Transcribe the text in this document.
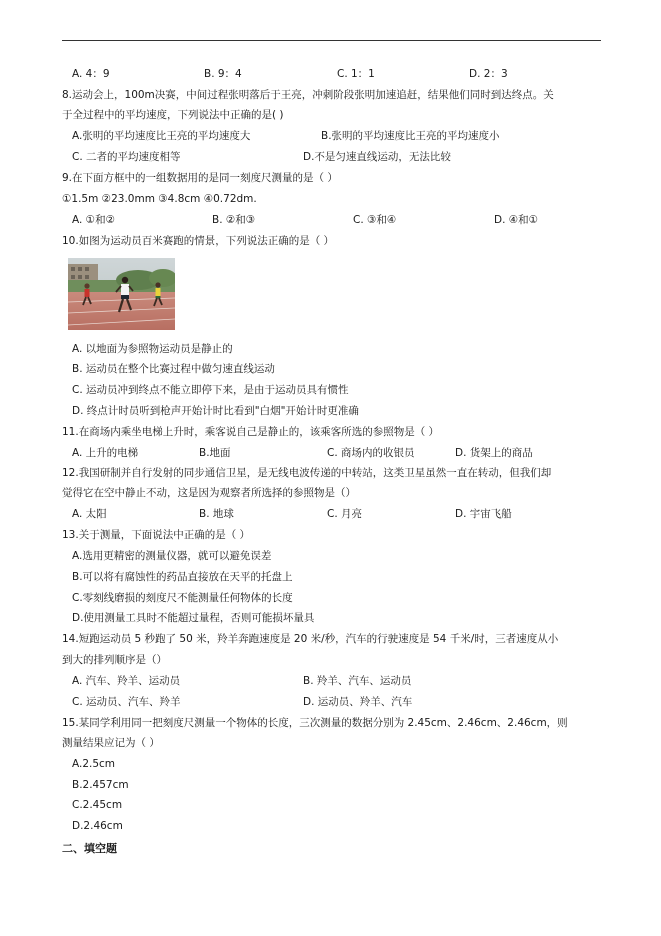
A. 4：9	B. 9：4	C. 1：1	D. 2：3
8.运动会上，100m决赛，中间过程张明落后于王亮，冲刺阶段张明加速追赶，结果他们同时到达终点。关
于全过程中的平均速度，下列说法中正确的是( )
A.张明的平均速度比王亮的平均速度大	B.张明的平均速度比王亮的平均速度小
C. 二者的平均速度相等	D.不是匀速直线运动，无法比较
9.在下面方框中的一组数据用的是同一刻度尺测量的是（ ）
①1.5m ②23.0mm ③4.8cm ④0.72dm.
A. ①和②	B. ②和③	C. ③和④	D. ④和①
10.如图为运动员百米赛跑的情景，下列说法正确的是（ ）
A. 以地面为参照物运动员是静止的
B. 运动员在整个比赛过程中做匀速直线运动
C. 运动员冲到终点不能立即停下来，是由于运动员具有惯性
D. 终点计时员听到枪声开始计时比看到"白烟"开始计时更准确
11.在商场内乘坐电梯上升时，乘客说自己是静止的，该乘客所选的参照物是（ ）
A. 上升的电梯	B.地面	C. 商场内的收银员	D. 货架上的商品
12.我国研制并自行发射的同步通信卫星，是无线电波传递的中转站，这类卫星虽然一直在转动，但我们却
觉得它在空中静止不动，这是因为观察者所选择的参照物是（）
A. 太阳	B. 地球	C. 月亮	D. 宇宙飞船
13.关于测量，下面说法中正确的是（ ）
A.选用更精密的测量仪器，就可以避免误差
B.可以将有腐蚀性的药品直接放在天平的托盘上
C.零刻线磨损的刻度尺不能测量任何物体的长度
D.使用测量工具时不能超过量程，否则可能损坏量具
14.短跑运动员 5 秒跑了 50 米，羚羊奔跑速度是 20 米/秒，汽车的行驶速度是 54 千米/时，三者速度从小
到大的排列顺序是（）
A. 汽车、羚羊、运动员	B. 羚羊、汽车、运动员
C. 运动员、汽车、羚羊	D. 运动员、羚羊、汽车
15.某同学利用同一把刻度尺测量一个物体的长度，三次测量的数据分别为 2.45cm、2.46cm、2.46cm，则
测量结果应记为（ ）
A.2.5cm
B.2.457cm
C.2.45cm
D.2.46cm
二、填空题
